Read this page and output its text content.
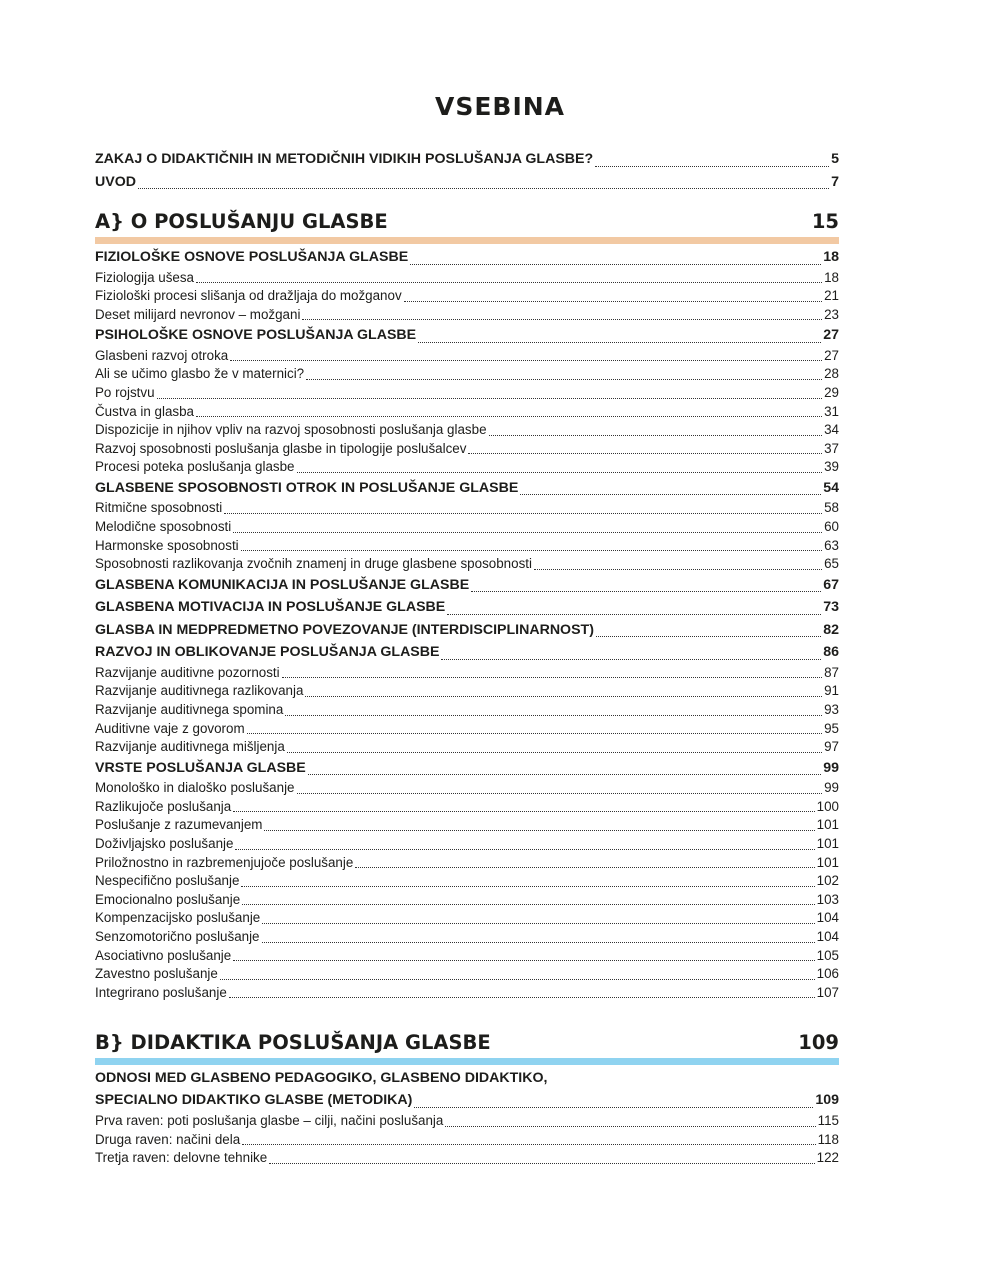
VSEBINA
ZAKAJ O DIDAKTIČNIH IN METODIČNIH VIDIKIH POSLUŠANJA GLASBE?	5
UVOD	7
A} O POSLUŠANJU GLASBE	15
FIZIOLOŠKE OSNOVE POSLUŠANJA GLASBE	18
Fiziologija ušesa	18
Fiziološki procesi slišanja od dražljaja do možganov	21
Deset milijard nevronov – možgani	23
PSIHOLOŠKE OSNOVE POSLUŠANJA GLASBE	27
Glasbeni razvoj otroka	27
Ali se učimo glasbo že v maternici?	28
Po rojstvu	29
Čustva in glasba	31
Dispozicije in njihov vpliv na razvoj sposobnosti poslušanja glasbe	34
Razvoj sposobnosti poslušanja glasbe in tipologije poslušalcev	37
Procesi poteka poslušanja glasbe	39
GLASBENE SPOSOBNOSTI OTROK IN POSLUŠANJE GLASBE	54
Ritmične sposobnosti	58
Melodične sposobnosti	60
Harmonske sposobnosti	63
Sposobnosti razlikovanja zvočnih znamenj in druge glasbene sposobnosti	65
GLASBENA KOMUNIKACIJA IN POSLUŠANJE GLASBE	67
GLASBENA MOTIVACIJA IN POSLUŠANJE GLASBE	73
GLASBA IN MEDPREDMETNO POVEZOVANJE (INTERDISCIPLINARNOST)	82
RAZVOJ IN OBLIKOVANJE POSLUŠANJA GLASBE	86
Razvijanje auditivne pozornosti	87
Razvijanje auditivnega razlikovanja	91
Razvijanje auditivnega spomina	93
Auditivne vaje z govorom	95
Razvijanje auditivnega mišljenja	97
VRSTE POSLUŠANJA GLASBE	99
Monološko in dialoško poslušanje	99
Razlikujoče poslušanja	100
Poslušanje z razumevanjem	101
Doživljajsko poslušanje	101
Priložnostno in razbremenjujoče poslušanje	101
Nespecifično poslušanje	102
Emocionalno poslušanje	103
Kompenzacijsko poslušanje	104
Senzomotorično poslušanje	104
Asociativno poslušanje	105
Zavestno poslušanje	106
Integrirano poslušanje	107
B} DIDAKTIKA POSLUŠANJA GLASBE	109
ODNOSI MED GLASBENO PEDAGOGIKO, GLASBENO DIDAKTIKO,
SPECIALNO DIDAKTIKO GLASBE (METODIKA)	109
Prva raven: poti poslušanja glasbe – cilji, načini poslušanja	115
Druga raven: načini dela	118
Tretja raven: delovne tehnike	122
